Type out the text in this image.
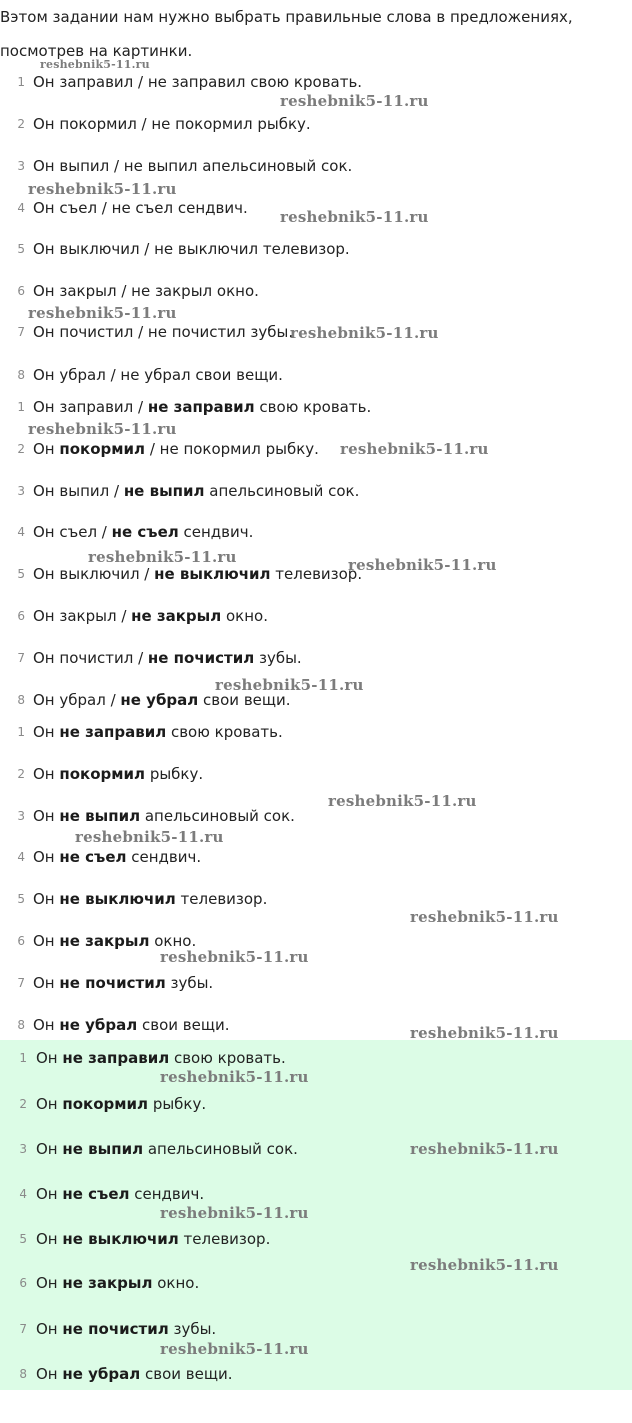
Вэтом задании нам нужно выбрать правильные слова в предложениях,
посмотрев на картинки.
1 Он заправил / не заправил свою кровать.
2 Он покормил / не покормил рыбку.
3 Он выпил / не выпил апельсиновый сок.
4 Он съел / не съел сендвич.
5 Он выключил / не выключил телевизор.
6 Он закрыл / не закрыл окно.
7 Он почистил / не почистил зубы.
8 Он убрал / не убрал свои вещи.
1 Он заправил / не заправил свою кровать.
2 Он покормил / не покормил рыбку.
3 Он выпил / не выпил апельсиновый сок.
4 Он съел / не съел сендвич.
5 Он выключил / не выключил телевизор.
6 Он закрыл / не закрыл окно.
7 Он почистил / не почистил зубы.
8 Он убрал / не убрал свои вещи.
1 Он не заправил свою кровать.
2 Он покормил рыбку.
3 Он не выпил апельсиновый сок.
4 Он не съел сендвич.
5 Он не выключил телевизор.
6 Он не закрыл окно.
7 Он не почистил зубы.
8 Он не убрал свои вещи.
1 Он не заправил свою кровать.
2 Он покормил рыбку.
3 Он не выпил апельсиновый сок.
4 Он не съел сендвич.
5 Он не выключил телевизор.
6 Он не закрыл окно.
7 Он не почистил зубы.
8 Он не убрал свои вещи.
reshebnik5-11.ru
reshebnik5-11.ru
reshebnik5-11.ru
reshebnik5-11.ru
reshebnik5-11.ru
reshebnik5-11.ru
reshebnik5-11.ru
reshebnik5-11.ru
reshebnik5-11.ru	reshebnik5-11.ru
reshebnik5-11.ru
reshebnik5-11.ru
reshebnik5-11.ru
reshebnik5-11.ru
reshebnik5-11.ru
reshebnik5-11.ru
reshebnik5-11.ru
reshebnik5-11.ru
reshebnik5-11.ru
reshebnik5-11.ru
reshebnik5-11.ru
